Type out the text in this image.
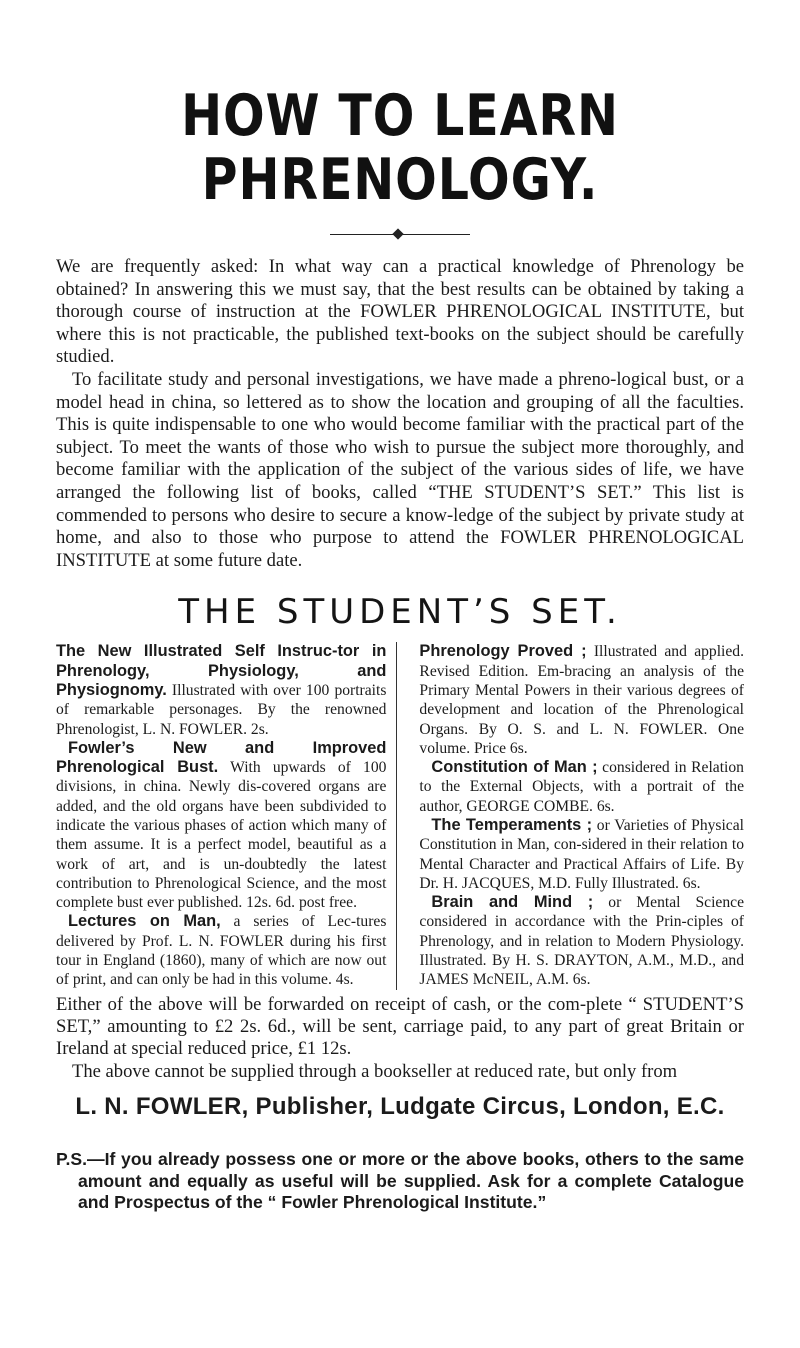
HOW TO LEARN PHRENOLOGY.

We are frequently asked: In what way can a practical knowledge of Phrenology be obtained? In answering this we must say, that the best results can be obtained by taking a thorough course of instruction at the FOWLER PHRENOLOGICAL INSTITUTE, but where this is not practicable, the published text-books on the subject should be carefully studied.

To facilitate study and personal investigations, we have made a phreno-logical bust, or a model head in china, so lettered as to show the location and grouping of all the faculties. This is quite indispensable to one who would become familiar with the practical part of the subject. To meet the wants of those who wish to pursue the subject more thoroughly, and become familiar with the application of the subject of the various sides of life, we have arranged the following list of books, called “THE STUDENT’S SET.” This list is commended to persons who desire to secure a know-ledge of the subject by private study at home, and also to those who purpose to attend the FOWLER PHRENOLOGICAL INSTITUTE at some future date.

THE STUDENT’S SET.

The New Illustrated Self Instruc-tor in Phrenology, Physiology, and Physiognomy. Illustrated with over 100 portraits of remarkable personages. By the renowned Phrenologist, L. N. FOWLER. 2s.

Fowler’s New and Improved Phrenological Bust. With upwards of 100 divisions, in china. Newly dis-covered organs are added, and the old organs have been subdivided to indicate the various phases of action which many of them assume. It is a perfect model, beautiful as a work of art, and is un-doubtedly the latest contribution to Phrenological Science, and the most complete bust ever published. 12s. 6d. post free.

Lectures on Man, a series of Lec-tures delivered by Prof. L. N. FOWLER during his first tour in England (1860), many of which are now out of print, and can only be had in this volume. 4s.

Phrenology Proved ; Illustrated and applied. Revised Edition. Em-bracing an analysis of the Primary Mental Powers in their various degrees of development and location of the Phrenological Organs. By O. S. and L. N. FOWLER. One volume. Price 6s.

Constitution of Man ; considered in Relation to the External Objects, with a portrait of the author, GEORGE COMBE. 6s.

The Temperaments ; or Varieties of Physical Constitution in Man, con-sidered in their relation to Mental Character and Practical Affairs of Life. By Dr. H. JACQUES, M.D. Fully Illustrated. 6s.

Brain and Mind ; or Mental Science considered in accordance with the Prin-ciples of Phrenology, and in relation to Modern Physiology. Illustrated. By H. S. DRAYTON, A.M., M.D., and JAMES McNEIL, A.M. 6s.

Either of the above will be forwarded on receipt of cash, or the com-plete “ STUDENT’S SET,” amounting to £2 2s. 6d., will be sent, carriage paid, to any part of great Britain or Ireland at special reduced price, £1 12s.

The above cannot be supplied through a bookseller at reduced rate, but only from

L. N. FOWLER, Publisher, Ludgate Circus, London, E.C.

P.S.—If you already possess one or more or the above books, others to the same amount and equally as useful will be supplied. Ask for a complete Catalogue and Prospectus of the “ Fowler Phrenological Institute.”
